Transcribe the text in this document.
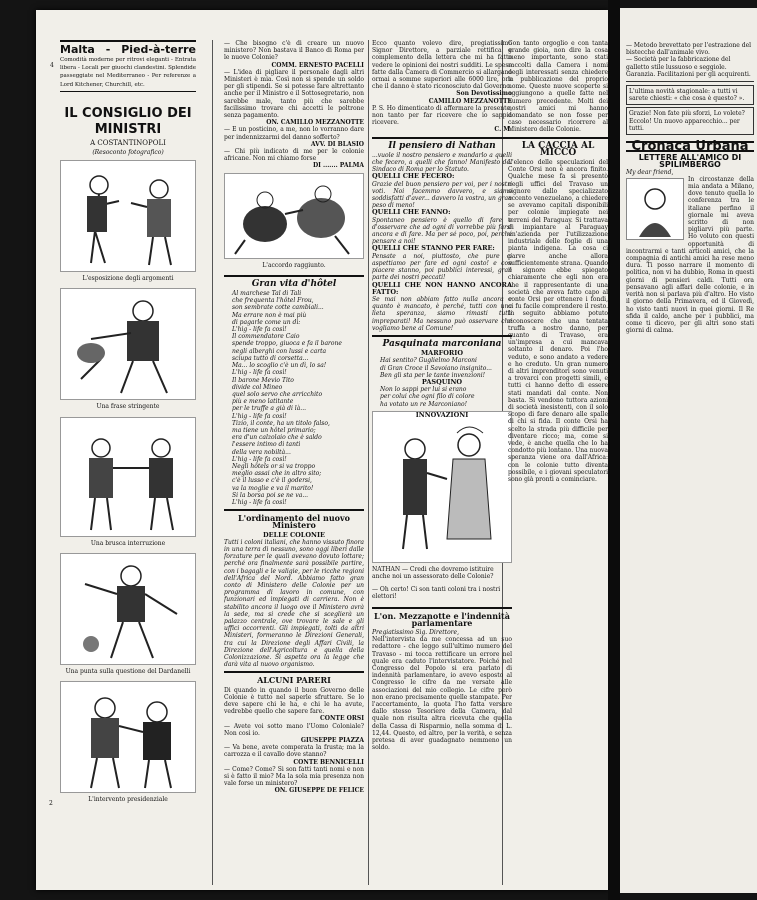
4
2
Malta - Pied-à-terre Comodità moderne per ritrovi eleganti - Entrata libera - Locali per giuochi clandestini. Splendide passeggiate nel Mediterraneo - Per referenze a Lord Kitchener, Churchill, etc.
IL CONSIGLIO DEI MINISTRI
A COSTANTINOPOLI
(Resoconto fotografico)
L'esposizione degli argomenti
Una frase stringente
Una brusca interruzione
Una punta sulla questione del Dardanelli
L'intervento presidenziale
— Che bisogno c'è di creare un nuovo ministero? Non bastava il Banco di Roma per le nuove Colonie?
COMM. ERNESTO PACELLI
— L'idea di pigliare il personale dagli altri Ministeri è mia. Così non si spende un soldo per gli stipendi. Se si potesse fare altrettanto anche per il Ministro e il Sottosegretario, non sarebbe male, tanto più che sarebbe facilissimo trovare chi accetti le poltrone senza pagamento.
ON. CAMILLO MEZZANOTTE
— E un posticino, a me, non lo vorranno dare per indennizzarmi del danno sofferto?
AVV. DI BLASIO
— Chi più indicato di me per le colonie africane. Non mi chiamo forse
DI ....... PALMA
L'accordo raggiunto.
Gran vita d'hôtel
Al marchese Tal di Tali
che frequenta l'hôtel Frou,
son sembrate cotte cambiali...
Ma errare non è mai più
di pagarle come un dì:
L'hig - life fa così!
Il commendatore Caio
spende troppo, giuoca e fa il barone
negli alberghi con lussi e carta
sciupa tutto di corsetta...
Ma... lo scoglio c'è un dì, lo sa!
L'hig - life fa così!
Il barone Mevio Tito
divide col Mineo
quel solo servo che arricchito
più e meno latitante
per le truffe a già di là...
L'hig - life fa così!
Tizio, il conte, ha un titolo falso,
ma tiene un hôtel primario;
era d'un calzolaio che è saldo
l'essere intimo di tanti
della vera nobiltà...
L'hig - life fa così!
Negli hôtels or si va troppo
meglio assai che in altro sito;
c'è il lusso e c'è il godersi,
va la moglie e va il marito!
Si la borsa poi se ne va...
L'hig - life fa così!
L'ordinamento del nuovo Ministero
DELLE COLONIE
Tutti i coloni italiani, che hanno vissuto finora in una terra di nessuno, sono oggi liberi dalle forzature per le quali avevano dovuto lottare; perché ora finalmente sarà possibile partire, con i bagagli e le valigie, per le ricche regioni dell'Africa del Nord. Abbiamo fatto gran conto di Ministero delle Colonie per un programma di lavoro in comune, con funzionari ed impiegati di carriera. Non è stabilito ancora il luogo ove il Ministero avrà la sede, ma si crede che si sceglierà un palazzo centrale, ove trovare le sale e gli uffici occorrenti. Gli impiegati, tolti da altri Ministeri, formeranno le Direzioni Generali, tra cui la Direzione degli Affari Civili, la Direzione dell'Agricoltura e quella della Colonizzazione. Si aspetta ora la legge che darà vita al nuovo organismo.
ALCUNI PARERI
Di quando in quando il buon Governo delle Colonie è tutto nel saperle sfruttare. Se lo deve sapere chi le ha, e chi le ha avute, vedrebbe quello che sapere fare.
CONTE ORSI
— Avete voi sotto mano l'Uomo Coloniale? Non così io.
GIUSEPPE PIAZZA
— Va bene, avete comperata la frusta; ma la carrozza e il cavallo dove stanno?
CONTE BENNICELLI
— Come? Come? Si son fatti tanti nomi e non si è fatto il mio? Ma la sola mia presenza non vale forse un ministero?
ON. GIUSEPPE DE FELICE
Ecco quanto volevo dire, pregiatissimo Signor Direttore, a parziale rettifica e complemento della lettera che mi ha fatto vedere le opinioni dei nostri sudditi. Le spese fatte dalla Camera di Commercio si allargano ormai a somme superiori alle 6000 lire, ora che il danno è stato riconosciuto dal Governo.
Son Devotissimo
CAMILLO MEZZANOTTE
P. S. Ho dimenticato di affermare la presente, non tanto per far ricevere che io sappia ricevere.
C. M.
Il pensiero di Nathan
...vuole il nostro pensiero e mandarlo a quelli che fecero, a quelli che fanno! Manifesto del Sindaco di Roma per lo Statuto.
QUELLI CHE FECERO:
Grazie del buon pensiero per voi, per i nostri voti. Noi facemmo davvero, e siamo soddisfatti d'aver... davvero la vostra, un gran peso di meno!
QUELLI CHE FANNO:
Spontaneo pensiero è quello di fare e d'osservare che ad ogni di vorrebbe più farsi ancora e di fare. Ma per sé poco, poi, perché pensare a noi!
QUELLI CHE STANNO PER FARE:
Pensate a noi, piuttosto, che pure ci aspettiamo per fare ed ogni costo! e con piacere stanno, poi pubblici interessi, gran parte dei nostri peccati!
QUELLI CHE NON HANNO ANCORA FATTO:
Se mai non abbiam fatto nulla ancora e quanto è mancato, è perché, tutti con una lieta speranza, siamo rimasti tutti impreparati! Ma nessuno può osservare che vogliamo bene al Comune!
Pasquinata marconiana
MARFORIO
Hai sentito? Guglielmo Marconi
di Gran Croce il Savoiano insignito...
Ben gli sta per le tante invenzioni!
PASQUINO
Non lo sappi per lui si erano
per colui che ogni filo di colore
ha votato un re Marconiano!
INNOVAZIONI
NATHAN — Credi che dovremo istituire anche noi un assessorato delle Colonie?
— Oh certo! Ci son tanti coloni tra i nostri elettori!
L'on. Mezzanotte e l'indennità parlamentare
Pregiatissimo Sig. Direttore,
Nell'intervista da me concessa ad un suo redattore - che leggo sull'ultimo numero del Travaso - mi tocca rettificare un errore nel quale era caduto l'intervistatore. Poiché nel Congresso del Popolo si era parlato di indennità parlamentare, io avevo esposto al Congresso le cifre da me versate alle associazioni del mio collegio. Le cifre però non erano precisamente quelle stampate. Per l'accertamento, la quota l'ho fatta versare dallo stesso Tesoriere della Camera, dal quale non risulta altra ricevuta che quella della Cassa di Risparmio, nella somma di L. 12,44. Questo, ed altro, per la verità, e senza pretesa di aver guadagnato nemmeno un soldo.
Con tanto orgoglio e con tanta grande gioia, non dire la cosa meno importante, sono stati raccolti dalla Camera i nomi degli interessati senza chiedere la pubblicazione del proprio nome. Queste nuove scoperte si aggiungono a quelle fatte nel numero precedente. Molti dei nostri amici mi hanno domandato se non fosse per caso necessario ricorrere al Ministero delle Colonie.
LA CACCIA AL MICCO
L'elenco delle speculazioni del Conte Orsi non è ancora finito. Qualche mese fa si presentò negli uffici del Travaso un signore dallo specializzato accento venezuelano, a chiedere se avevamo capitali disponibili per colonie impiegate nei terreni del Paraguay. Si trattava di impiantare al Paraguay un'azienda per l'utilizzazione industriale delle foglie di una pianta indigena. La cosa ci parve anche allora sufficientemente strana. Quando il signore ebbe spiegato chiaramente che egli non era che il rappresentante di una società che aveva fatto capo al conte Orsi per ottenere i fondi, ci fu facile comprendere il resto. In seguito abbiamo potuto riconoscere che una tentata truffa a nostro danno, per quanto di Travaso, era un'impresa a cui mancava soltanto il denaro. Poi l'ho veduto, e sono andato a vedere e ho creduto. Un gran numero di altri imprenditori sono venuti a trovarci con progetti simili, e tutti ci hanno detto di essere stati mandati dal conte. Non basta. Si vendono tuttora azioni di società inesistenti, con il solo scopo di fare denaro alle spalle di chi si fida. Il conte Orsi ha scelto la strada più difficile per diventare ricco; ma, come si vede, è anche quella che lo ha condotto più lontano. Una nuova speranza viene ora dall'Africa: con le colonie tutto diventa possibile, e i giovani speculatori sono già pronti a cominciare.
— Metodo brevettato per l'estrazione del bistecche dall'animale vivo.
— Società per la fabbricazione del galletto stile lussuoso e seggiole. Garanzia. Facilitazioni per gli acquirenti.
L'ultima novità stagionale: a tutti vi sarete chiesti: « che cosa è questo? ».
Grazie! Non fate più sforzi, Lo volete? Eccolo! Un nuovo apparecchio... per tutti.
Cronaca Urbana
LETTERE ALL'AMICO DI SPILIMBERGO
My dear friend,
In circostanze della mia andata a Milano, dove tenuto quella lo conferenza tra le italiane perfino il giornale mi aveva scritto di non pigliarvi più parte. Ho voluto con questi opportunità di incontrarmi e tanti articoli amici, che la compagnia di antichi amici ha rese meno dura. Ti posso narrare il momento di politica, non vi ha dubbio, Roma in questi giorni di pensieri caldi. Tutti ora pensavano agli affari delle colonie, e in verità non si parlava più d'altro. Ho visto il giorno della Primavera, ed il Giovedì, ho visto tanti nuovi in quei giorni. Il Re sfida il caldo, anche per i pubblici, ma come ti dicevo, per gli altri sono stati giorni di calma.
